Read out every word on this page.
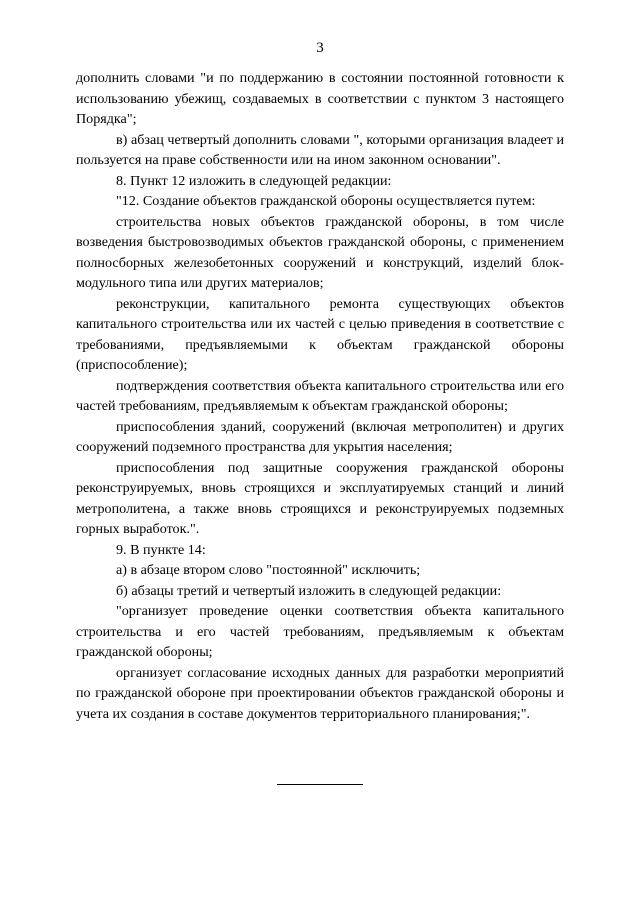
3

дополнить словами "и по поддержанию в состоянии постоянной готовности к использованию убежищ, создаваемых в соответствии с пунктом 3 настоящего Порядка";

в) абзац четвертый дополнить словами ", которыми организация владеет и пользуется на праве собственности или на ином законном основании".

8. Пункт 12 изложить в следующей редакции:

"12. Создание объектов гражданской обороны осуществляется путем:

строительства новых объектов гражданской обороны, в том числе возведения быстровозводимых объектов гражданской обороны, с применением полносборных железобетонных сооружений и конструкций, изделий блок-модульного типа или других материалов;

реконструкции, капитального ремонта существующих объектов капитального строительства или их частей с целью приведения в соответствие с требованиями, предъявляемыми к объектам гражданской обороны (приспособление);

подтверждения соответствия объекта капитального строительства или его частей требованиям, предъявляемым к объектам гражданской обороны;

приспособления зданий, сооружений (включая метрополитен) и других сооружений подземного пространства для укрытия населения;

приспособления под защитные сооружения гражданской обороны реконструируемых, вновь строящихся и эксплуатируемых станций и линий метрополитена, а также вновь строящихся и реконструируемых подземных горных выработок.".

9. В пункте 14:

а) в абзаце втором слово "постоянной" исключить;

б) абзацы третий и четвертый изложить в следующей редакции:

"организует проведение оценки соответствия объекта капитального строительства и его частей требованиям, предъявляемым к объектам гражданской обороны;

организует согласование исходных данных для разработки мероприятий по гражданской обороне при проектировании объектов гражданской обороны и учета их создания в составе документов территориального планирования;".
